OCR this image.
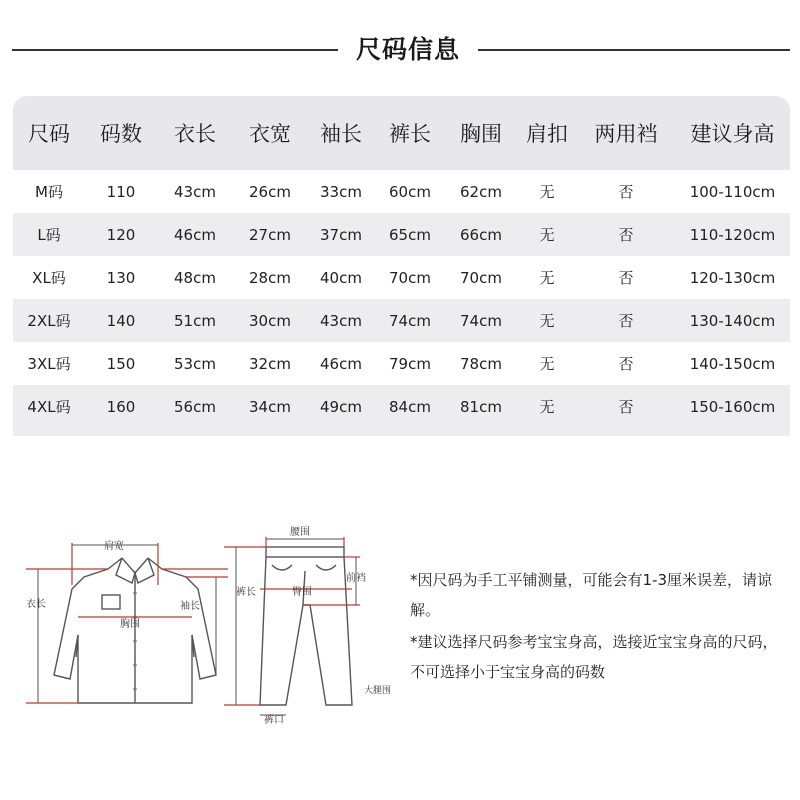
尺码信息
尺码	码数	衣长	衣宽	袖长	裤长	胸围	肩扣	两用裆	建议身高
M码	110	43cm	26cm	33cm	60cm	62cm	无	否	100-110cm
L码	120	46cm	27cm	37cm	65cm	66cm	无	否	110-120cm
XL码	130	48cm	28cm	40cm	70cm	70cm	无	否	120-130cm
2XL码	140	51cm	30cm	43cm	74cm	74cm	无	否	130-140cm
3XL码	150	53cm	32cm	46cm	79cm	78cm	无	否	140-150cm
4XL码	160	56cm	34cm	49cm	84cm	81cm	无	否	150-160cm
肩宽
衣长	袖长
胸围
腰围
前裆
裤长	臀围
大腿围
裤口

*因尺码为手工平铺测量，可能会有1-3厘米误差，请谅解。

*建议选择尺码参考宝宝身高，选接近宝宝身高的尺码，不可选择小于宝宝身高的码数
